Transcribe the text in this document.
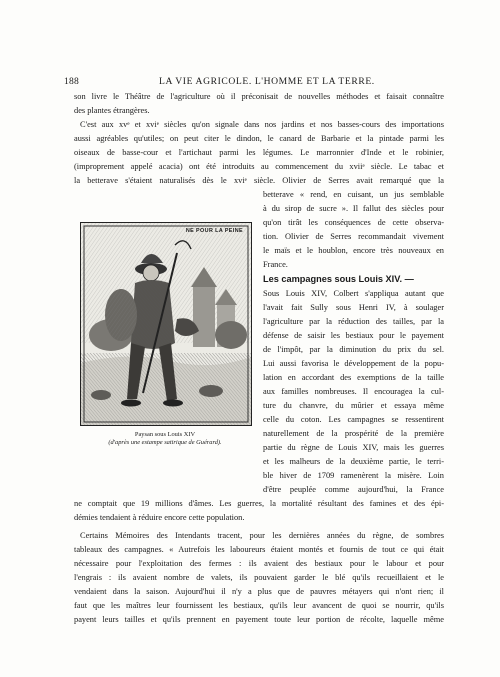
188	LA VIE AGRICOLE. L'HOMME ET LA TERRE.
son livre le Théâtre de l'agriculture où il préconisait de nouvelles méthodes et faisait connaître
des plantes étrangères.
C'est aux xvᵉ et xviᵉ siècles qu'on signale dans nos jardins et nos basses-cours des importations
aussi agréables qu'utiles; on peut citer le dindon, le canard de Barbarie et la pintade parmi les
oiseaux de basse-cour et l'artichaut parmi les légumes. Le marronnier d'Inde et le robinier,
(improprement appelé acacia) ont été introduits au commencement du xviiᵉ siècle. Le tabac et
la betterave s'étaient naturalisés dès le xviᵉ siècle. Olivier de Serres avait remarqué que la
NE POUR LA PEINE
betterave « rend, en cuisant, un jus semblable
à du sirop de sucre ». Il fallut des siècles pour
qu'on tirât les conséquences de cette observa-
tion. Olivier de Serres recommandait vivement
le maïs et le houblon, encore très nouveaux en
France.
Les campagnes sous Louis XIV. —
Sous Louis XIV, Colbert s'appliqua autant que
l'avait fait Sully sous Henri IV, à soulager
l'agriculture par la réduction des tailles, par la
défense de saisir les bestiaux pour le payement
de l'impôt, par la diminution du prix du sel.
Lui aussi favorisa le développement de la popu-
lation en accordant des exemptions de la taille
aux familles nombreuses. Il encouragea la cul-
ture du chanvre, du mûrier et essaya même
celle du coton. Les campagnes se ressentirent
naturellement de la prospérité de la première
partie du règne de Louis XIV, mais les guerres
et les malheurs de la deuxième partie, le terri-
ble hiver de 1709 ramenèrent la misère. Loin
d'être peuplée comme aujourd'hui, la France
Paysan sous Louis XIV
(d'après une estampe satirique de Guérard).
ne comptait que 19 millions d'âmes. Les guerres, la mortalité résultant des famines et des épi-
démies tendaient à réduire encore cette population.
Certains Mémoires des Intendants tracent, pour les dernières années du règne, de sombres
tableaux des campagnes. « Autrefois les laboureurs étaient montés et fournis de tout ce qui était
nécessaire pour l'exploitation des fermes : ils avaient des bestiaux pour le labour et pour
l'engrais : ils avaient nombre de valets, ils pouvaient garder le blé qu'ils recueillaient et le
vendaient dans la saison. Aujourd'hui il n'y a plus que de pauvres métayers qui n'ont rien; il
faut que les maîtres leur fournissent les bestiaux, qu'ils leur avancent de quoi se nourrir, qu'ils
payent leurs tailles et qu'ils prennent en payement toute leur portion de récolte, laquelle même
